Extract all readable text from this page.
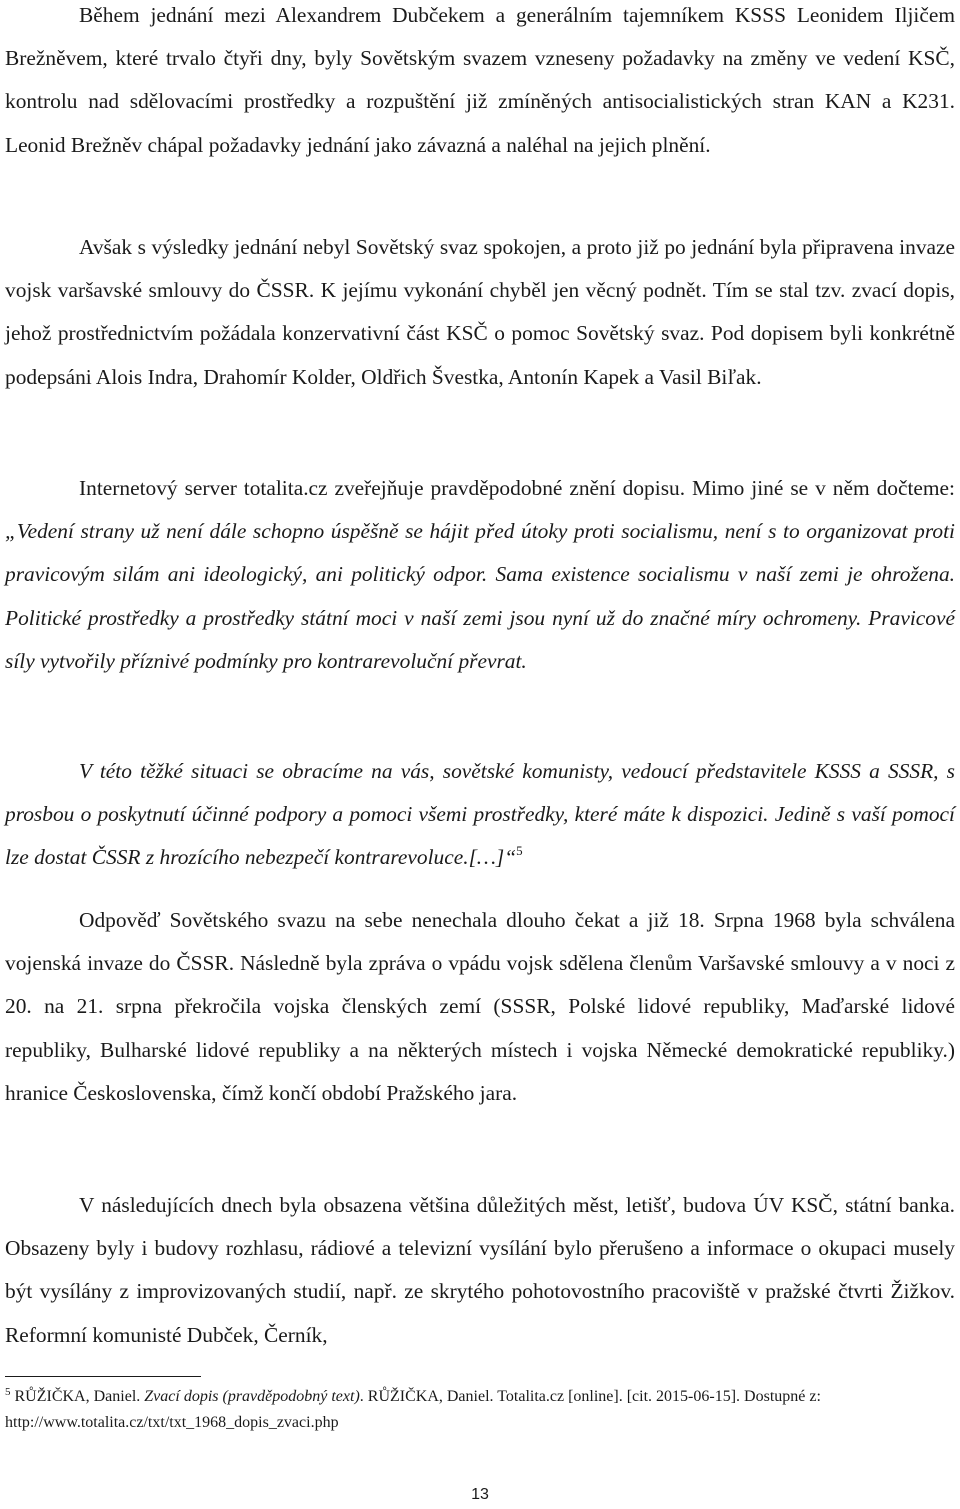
Během jednání mezi Alexandrem Dubčekem a generálním tajemníkem KSSS Leonidem Iljičem Brežněvem, které trvalo čtyři dny, byly Sovětským svazem vzneseny požadavky na změny ve vedení KSČ, kontrolu nad sdělovacími prostředky a rozpuštění již zmíněných antisocialistických stran KAN a K231. Leonid Brežněv chápal požadavky jednání jako závazná a naléhal na jejich plnění.

Avšak s výsledky jednání nebyl Sovětský svaz spokojen, a proto již po jednání byla připravena invaze vojsk varšavské smlouvy do ČSSR. K jejímu vykonání chyběl jen věcný podnět. Tím se stal tzv. zvací dopis, jehož prostřednictvím požádala konzervativní část KSČ o pomoc Sovětský svaz. Pod dopisem byli konkrétně podepsáni Alois Indra, Drahomír Kolder, Oldřich Švestka, Antonín Kapek a Vasil Biľak.

Internetový server totalita.cz zveřejňuje pravděpodobné znění dopisu. Mimo jiné se v něm dočteme: „Vedení strany už není dále schopno úspěšně se hájit před útoky proti socialismu, není s to organizovat proti pravicovým silám ani ideologický, ani politický odpor. Sama existence socialismu v naší zemi je ohrožena. Politické prostředky a prostředky státní moci v naší zemi jsou nyní už do značné míry ochromeny. Pravicové síly vytvořily příznivé podmínky pro kontrarevoluční převrat.

V této těžké situaci se obracíme na vás, sovětské komunisty, vedoucí představitele KSSS a SSSR, s prosbou o poskytnutí účinné podpory a pomoci všemi prostředky, které máte k dispozici. Jedině s vaší pomocí lze dostat ČSSR z hrozícího nebezpečí kontrarevoluce.[…]“$^5$

Odpověď Sovětského svazu na sebe nenechala dlouho čekat a již 18. Srpna 1968 byla schválena vojenská invaze do ČSSR. Následně byla zpráva o vpádu vojsk sdělena členům Varšavské smlouvy a v noci z 20. na 21. srpna překročila vojska členských zemí (SSSR, Polské lidové republiky, Maďarské lidové republiky, Bulharské lidové republiky a na některých místech i vojska Německé demokratické republiky.) hranice Československa, čímž končí období Pražského jara.

V následujících dnech byla obsazena většina důležitých měst, letišť, budova ÚV KSČ, státní banka. Obsazeny byly i budovy rozhlasu, rádiové a televizní vysílání bylo přerušeno a informace o okupaci musely být vysílány z improvizovaných studií, např. ze skrytého pohotovostního pracoviště v pražské čtvrti Žižkov. Reformní komunisté Dubček, Černík,

$^5$ RŮŽIČKA, Daniel. Zvací dopis (pravděpodobný text). RŮŽIČKA, Daniel. Totalita.cz [online]. [cit. 2015-06-15]. Dostupné z: http://www.totalita.cz/txt/txt_1968_dopis_zvaci.php
13
